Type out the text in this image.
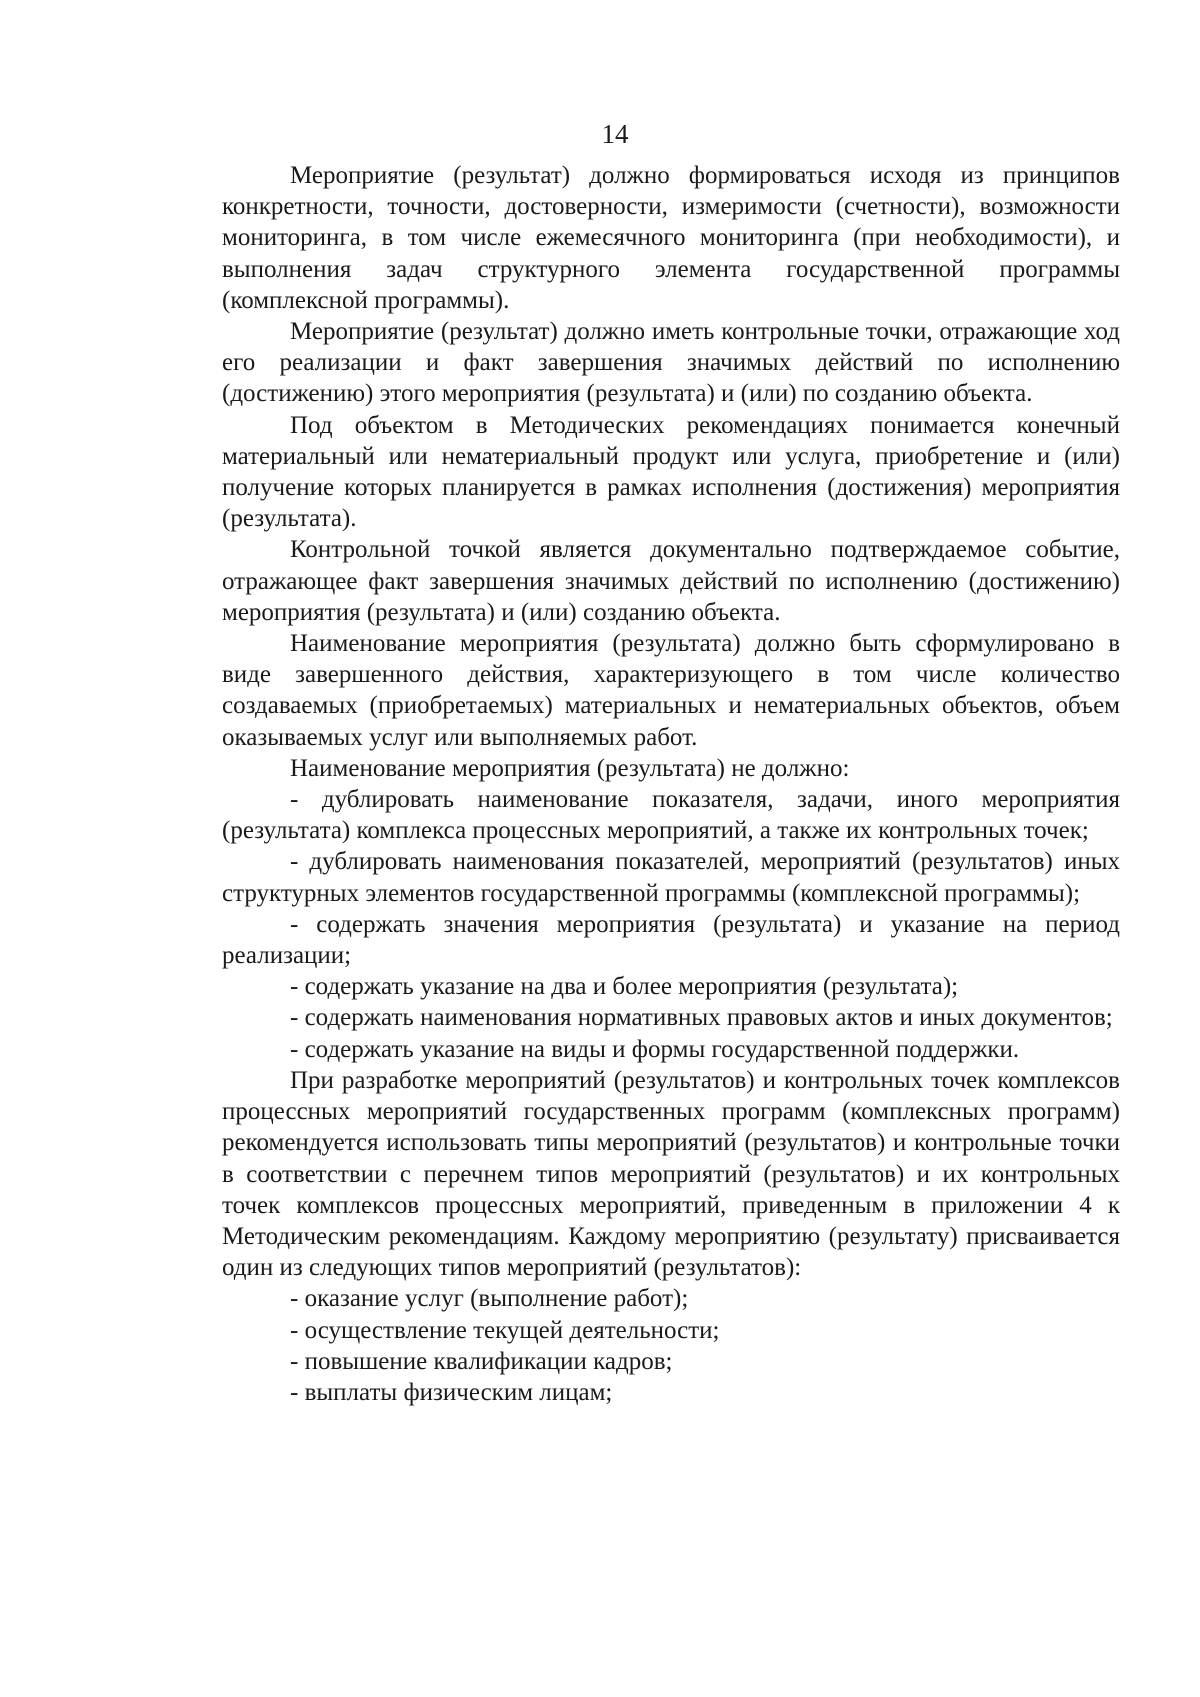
14

Мероприятие (результат) должно формироваться исходя из принципов конкретности, точности, достоверности, измеримости (счетности), возможности мониторинга, в том числе ежемесячного мониторинга (при необходимости), и выполнения задач структурного элемента государственной программы (комплексной программы).

Мероприятие (результат) должно иметь контрольные точки, отражающие ход его реализации и факт завершения значимых действий по исполнению (достижению) этого мероприятия (результата) и (или) по созданию объекта.

Под объектом в Методических рекомендациях понимается конечный материальный или нематериальный продукт или услуга, приобретение и (или) получение которых планируется в рамках исполнения (достижения) мероприятия (результата).

Контрольной точкой является документально подтверждаемое событие, отражающее факт завершения значимых действий по исполнению (достижению) мероприятия (результата) и (или) созданию объекта.

Наименование мероприятия (результата) должно быть сформулировано в виде завершенного действия, характеризующего в том числе количество создаваемых (приобретаемых) материальных и нематериальных объектов, объем оказываемых услуг или выполняемых работ.

Наименование мероприятия (результата) не должно:

- дублировать наименование показателя, задачи, иного мероприятия (результата) комплекса процессных мероприятий, а также их контрольных точек;

- дублировать наименования показателей, мероприятий (результатов) иных структурных элементов государственной программы (комплексной программы);

- содержать значения мероприятия (результата) и указание на период реализации;

- содержать указание на два и более мероприятия (результата);

- содержать наименования нормативных правовых актов и иных документов;

- содержать указание на виды и формы государственной поддержки.

При разработке мероприятий (результатов) и контрольных точек комплексов процессных мероприятий государственных программ (комплексных программ) рекомендуется использовать типы мероприятий (результатов) и контрольные точки в соответствии с перечнем типов мероприятий (результатов) и их контрольных точек комплексов процессных мероприятий, приведенным в приложении 4 к Методическим рекомендациям. Каждому мероприятию (результату) присваивается один из следующих типов мероприятий (результатов):

- оказание услуг (выполнение работ);

- осуществление текущей деятельности;

- повышение квалификации кадров;

- выплаты физическим лицам;
